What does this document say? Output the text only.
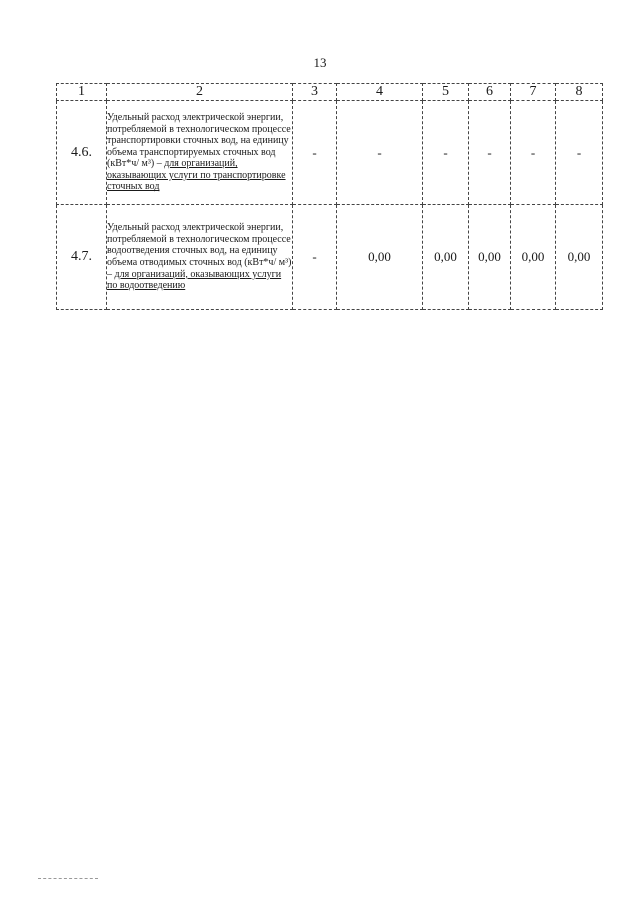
13
1	2	3	4	5	6	7	8
4.6.	Удельный расход электрической энергии, потребляемой в технологическом процессе транспортировки сточных вод, на единицу объема транспортируемых сточных вод (кВт*ч/ м³) – для организаций, оказывающих услуги по транспортировке сточных вод	-	-	-	-	-	-
4.7.	Удельный расход электрической энергии, потребляемой в технологическом процессе водоотведения сточных вод, на единицу объема отводимых сточных вод (кВт*ч/ м³) – для организаций, оказывающих услуги по водоотведению	-	0,00	0,00	0,00	0,00	0,00
